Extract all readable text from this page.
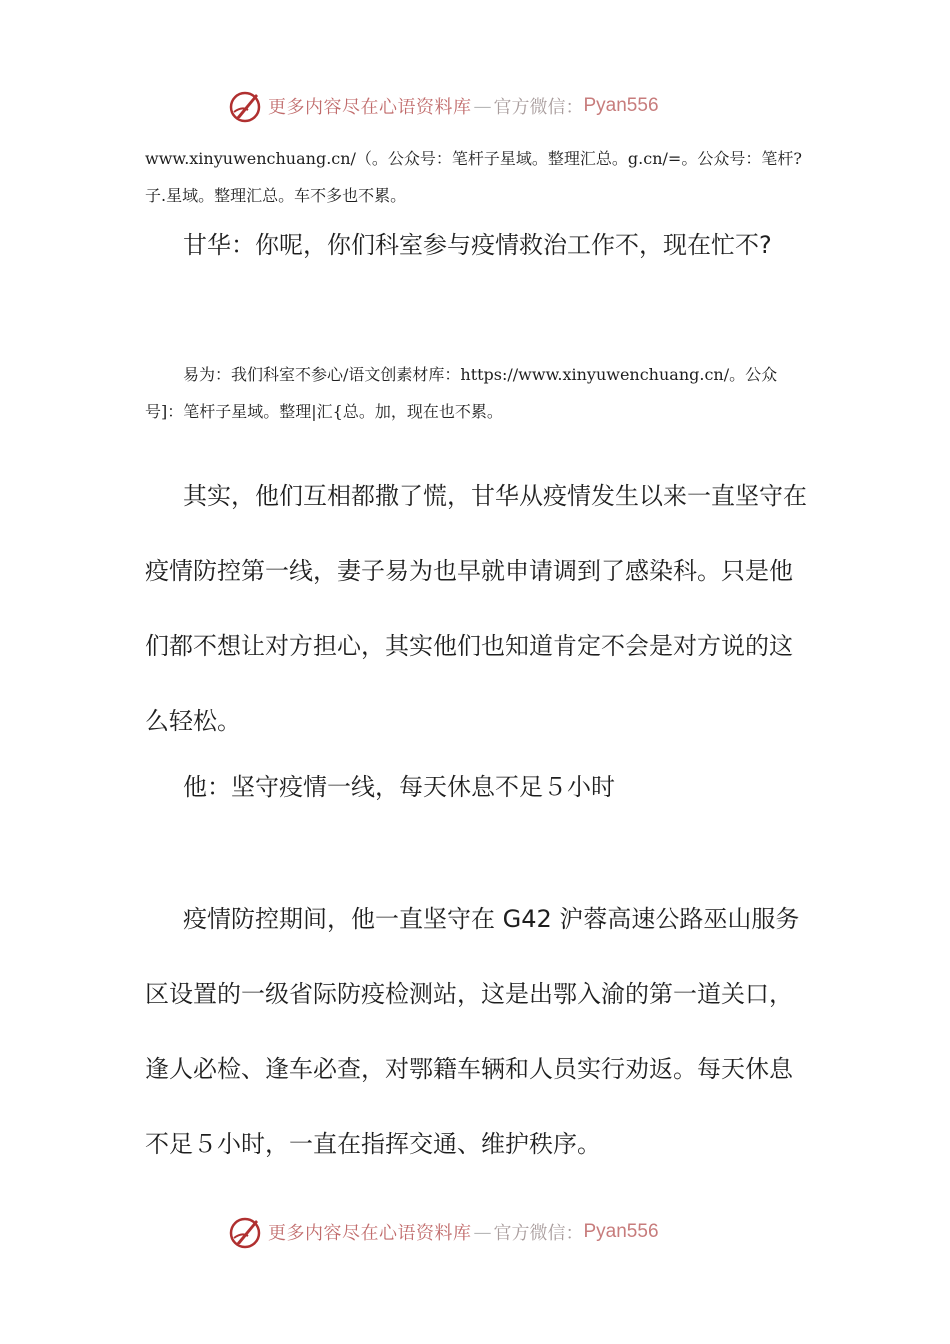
更多内容尽在心语资料库 — 官方微信： Pyan556

www.xinyuwenchuang.cn/（。公众号：笔杆子星域。整理汇总。g.cn/=。公众号：笔杆?子.星域。整理汇总。车不多也不累。

甘华：你呢，你们科室参与疫情救治工作不，现在忙不?

易为：我们科室不参心/语文创素材库：https://www.xinyuwenchuang.cn/。公众号]：笔杆子星域。整理|汇{总。加，现在也不累。

其实，他们互相都撒了慌，甘华从疫情发生以来一直坚守在疫情防控第一线，妻子易为也早就申请调到了感染科。只是他们都不想让对方担心，其实他们也知道肯定不会是对方说的这么轻松。

他：坚守疫情一线，每天休息不足５小时

疫情防控期间，他一直坚守在 G42 沪蓉高速公路巫山服务区设置的一级省际防疫检测站，这是出鄂入渝的第一道关口，逢人必检、逢车必查，对鄂籍车辆和人员实行劝返。每天休息不足５小时，一直在指挥交通、维护秩序。

更多内容尽在心语资料库 — 官方微信： Pyan556
